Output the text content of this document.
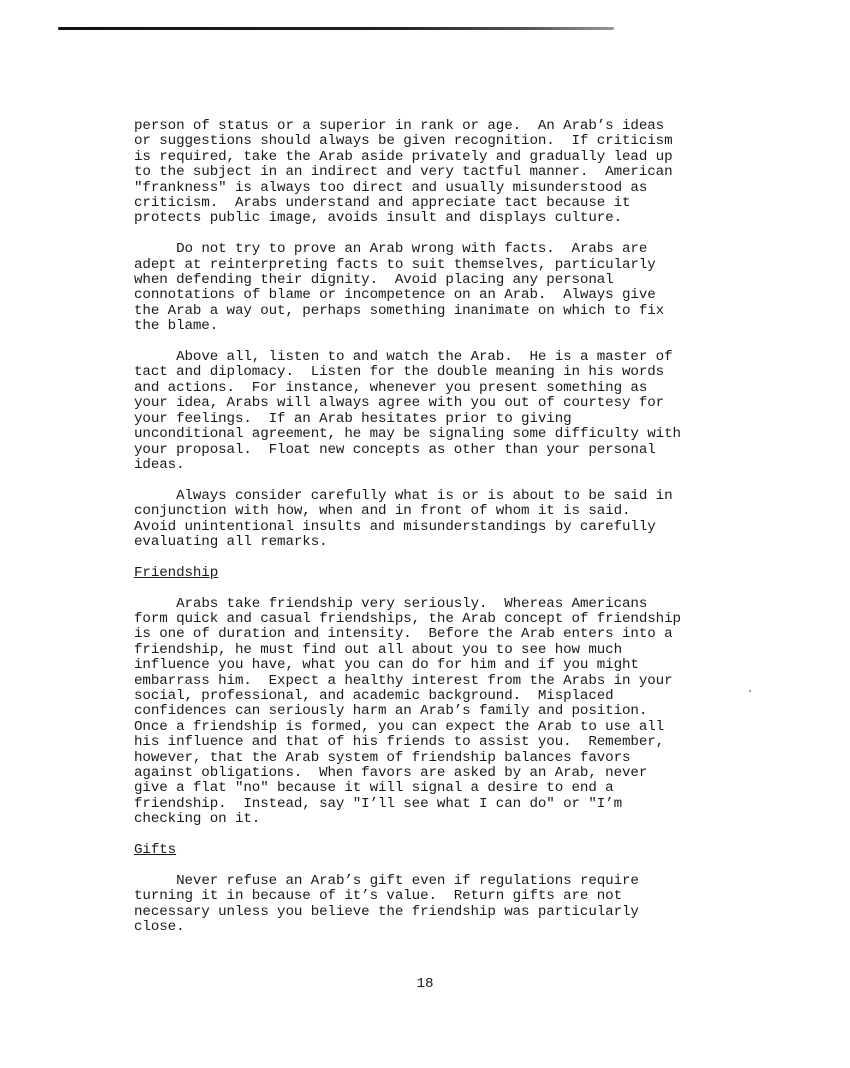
person of status or a superior in rank or age.  An Arab’s ideas
or suggestions should always be given recognition.  If criticism
is required, take the Arab aside privately and gradually lead up
to the subject in an indirect and very tactful manner.  American
"frankness" is always too direct and usually misunderstood as
criticism.  Arabs understand and appreciate tact because it
protects public image, avoids insult and displays culture.

Do not try to prove an Arab wrong with facts.  Arabs are
adept at reinterpreting facts to suit themselves, particularly
when defending their dignity.  Avoid placing any personal
connotations of blame or incompetence on an Arab.  Always give
the Arab a way out, perhaps something inanimate on which to fix
the blame.

Above all, listen to and watch the Arab.  He is a master of
tact and diplomacy.  Listen for the double meaning in his words
and actions.  For instance, whenever you present something as
your idea, Arabs will always agree with you out of courtesy for
your feelings.  If an Arab hesitates prior to giving
unconditional agreement, he may be signaling some difficulty with
your proposal.  Float new concepts as other than your personal
ideas.

Always consider carefully what is or is about to be said in
conjunction with how, when and in front of whom it is said.
Avoid unintentional insults and misunderstandings by carefully
evaluating all remarks.

Friendship

Arabs take friendship very seriously.  Whereas Americans
form quick and casual friendships, the Arab concept of friendship
is one of duration and intensity.  Before the Arab enters into a
friendship, he must find out all about you to see how much
influence you have, what you can do for him and if you might
embarrass him.  Expect a healthy interest from the Arabs in your
social, professional, and academic background.  Misplaced
confidences can seriously harm an Arab’s family and position.
Once a friendship is formed, you can expect the Arab to use all
his influence and that of his friends to assist you.  Remember,
however, that the Arab system of friendship balances favors
against obligations.  When favors are asked by an Arab, never
give a flat "no" because it will signal a desire to end a
friendship.  Instead, say "I’ll see what I can do" or "I’m
checking on it.

Gifts

Never refuse an Arab’s gift even if regulations require
turning it in because of it’s value.  Return gifts are not
necessary unless you believe the friendship was particularly
close.

18
